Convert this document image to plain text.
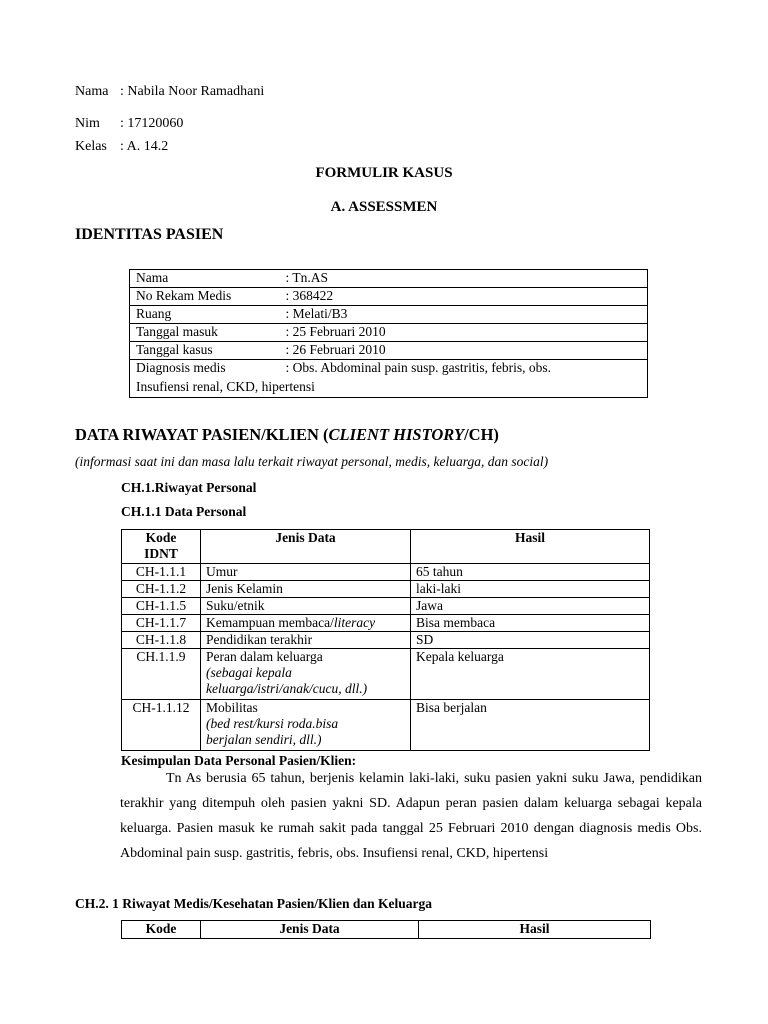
Nama : Nabila Noor Ramadhani
Nim : 17120060
Kelas : A. 14.2
FORMULIR KASUS
A. ASSESSMEN
IDENTITAS PASIEN
Nama	: Tn.AS
No Rekam Medis	: 368422
Ruang	: Melati/B3
Tanggal masuk	: 25 Februari 2010
Tanggal kasus	: 26 Februari 2010
Diagnosis medis	: Obs. Abdominal pain susp. gastritis, febris, obs.
Insufiensi renal, CKD, hipertensi	
DATA RIWAYAT PASIEN/KLIEN (CLIENT HISTORY/CH)
(informasi saat ini dan masa lalu terkait riwayat personal, medis, keluarga, dan social)
CH.1.Riwayat Personal
CH.1.1 Data Personal
Kode
IDNT	Jenis Data	Hasil
CH-1.1.1	Umur	65 tahun
CH-1.1.2	Jenis Kelamin	laki-laki
CH-1.1.5	Suku/etnik	Jawa
CH-1.1.7	Kemampuan membaca/literacy	Bisa membaca
CH-1.1.8	Pendidikan terakhir	SD
CH.1.1.9	Peran dalam keluarga
(sebagai kepala
keluarga/istri/anak/cucu, dll.)	Kepala keluarga
CH-1.1.12	Mobilitas
(bed rest/kursi roda.bisa
berjalan sendiri, dll.)	Bisa berjalan
Kesimpulan Data Personal Pasien/Klien:
Tn As berusia 65 tahun, berjenis kelamin laki-laki, suku pasien yakni suku Jawa, pendidikan terakhir yang ditempuh oleh pasien yakni SD. Adapun peran pasien dalam keluarga sebagai kepala keluarga. Pasien masuk ke rumah sakit pada tanggal 25 Februari 2010 dengan diagnosis medis Obs. Abdominal pain susp. gastritis, febris, obs. Insufiensi renal, CKD, hipertensi
CH.2. 1 Riwayat Medis/Kesehatan Pasien/Klien dan Keluarga
Kode	Jenis Data	Hasil
